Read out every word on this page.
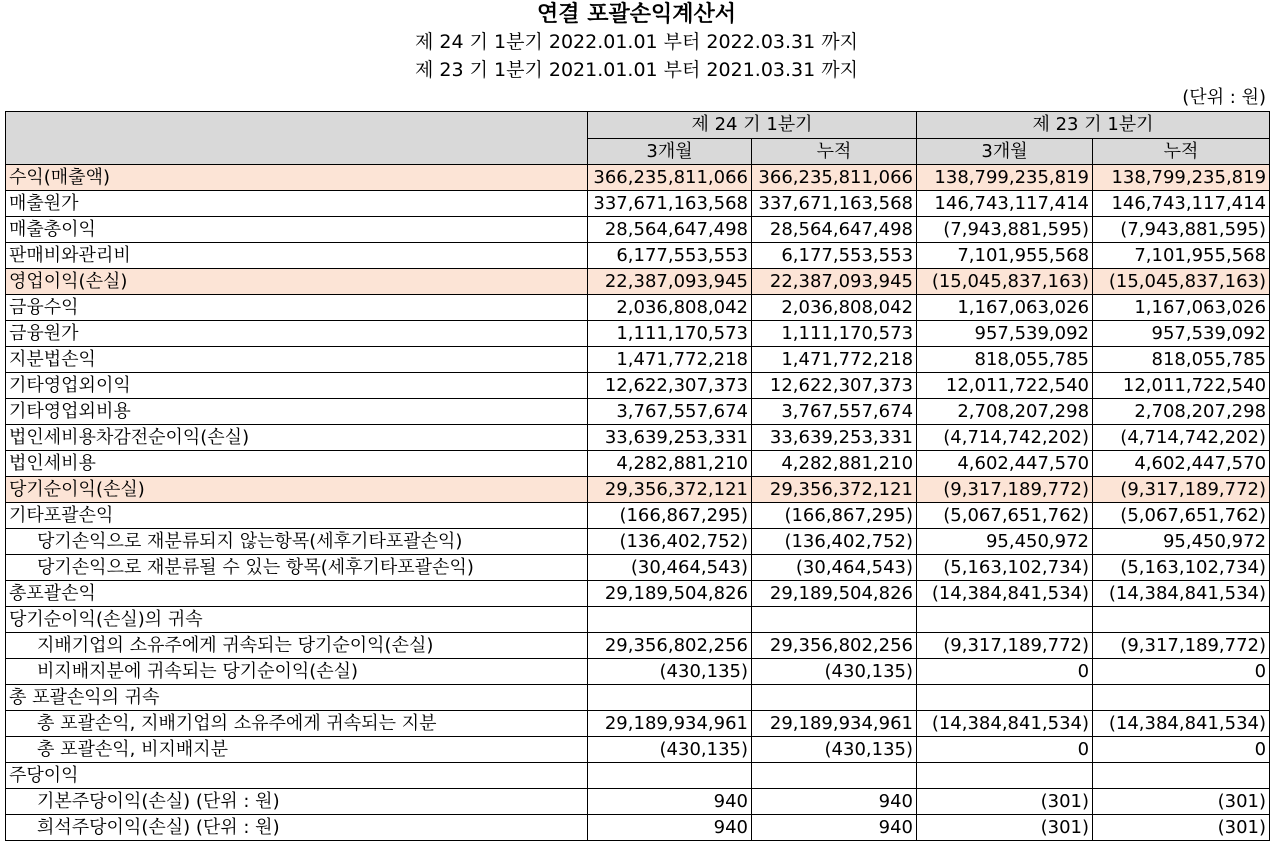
연결 포괄손익계산서
제 24 기 1분기 2022.01.01 부터 2022.03.31 까지
제 23 기 1분기 2021.01.01 부터 2021.03.31 까지
(단위 : 원)
	제 24 기 1분기		제 23 기 1분기	
	3개월	누적	3개월	누적
수익(매출액)	366,235,811,066	366,235,811,066	138,799,235,819	138,799,235,819
매출원가	337,671,163,568	337,671,163,568	146,743,117,414	146,743,117,414
매출총이익	28,564,647,498	28,564,647,498	(7,943,881,595)	(7,943,881,595)
판매비와관리비	6,177,553,553	6,177,553,553	7,101,955,568	7,101,955,568
영업이익(손실)	22,387,093,945	22,387,093,945	(15,045,837,163)	(15,045,837,163)
금융수익	2,036,808,042	2,036,808,042	1,167,063,026	1,167,063,026
금융원가	1,111,170,573	1,111,170,573	957,539,092	957,539,092
지분법손익	1,471,772,218	1,471,772,218	818,055,785	818,055,785
기타영업외이익	12,622,307,373	12,622,307,373	12,011,722,540	12,011,722,540
기타영업외비용	3,767,557,674	3,767,557,674	2,708,207,298	2,708,207,298
법인세비용차감전순이익(손실)	33,639,253,331	33,639,253,331	(4,714,742,202)	(4,714,742,202)
법인세비용	4,282,881,210	4,282,881,210	4,602,447,570	4,602,447,570
당기순이익(손실)	29,356,372,121	29,356,372,121	(9,317,189,772)	(9,317,189,772)
기타포괄손익	(166,867,295)	(166,867,295)	(5,067,651,762)	(5,067,651,762)
당기손익으로 재분류되지 않는항목(세후기타포괄손익)	(136,402,752)	(136,402,752)	95,450,972	95,450,972
당기손익으로 재분류될 수 있는 항목(세후기타포괄손익)	(30,464,543)	(30,464,543)	(5,163,102,734)	(5,163,102,734)
총포괄손익	29,189,504,826	29,189,504,826	(14,384,841,534)	(14,384,841,534)
당기순이익(손실)의 귀속				
지배기업의 소유주에게 귀속되는 당기순이익(손실)	29,356,802,256	29,356,802,256	(9,317,189,772)	(9,317,189,772)
비지배지분에 귀속되는 당기순이익(손실)	(430,135)	(430,135)	0	0
총 포괄손익의 귀속				
총 포괄손익, 지배기업의 소유주에게 귀속되는 지분	29,189,934,961	29,189,934,961	(14,384,841,534)	(14,384,841,534)
총 포괄손익, 비지배지분	(430,135)	(430,135)	0	0
주당이익				
기본주당이익(손실) (단위 : 원)	940	940	(301)	(301)
희석주당이익(손실) (단위 : 원)	940	940	(301)	(301)
